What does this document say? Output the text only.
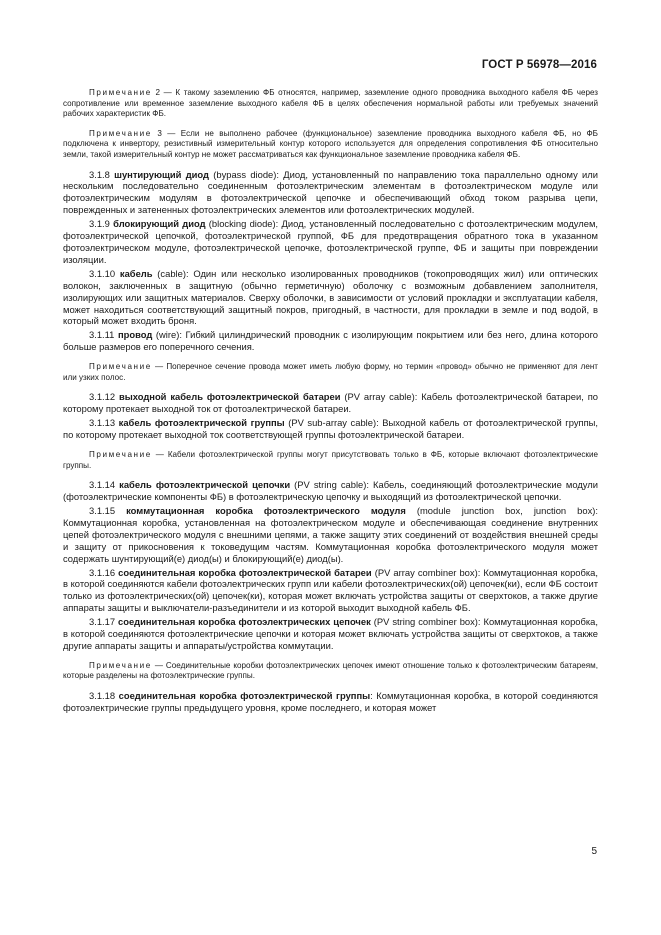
ГОСТ Р 56978—2016

Примечание 2 — К такому заземлению ФБ относятся, например, заземление одного проводника выходного кабеля ФБ через сопротивление или временное заземление выходного кабеля ФБ в целях обеспечения нормальной работы или требуемых значений рабочих характеристик ФБ.

Примечание 3 — Если не выполнено рабочее (функциональное) заземление проводника выходного кабеля ФБ, но ФБ подключена к инвертору, резистивный измерительный контур которого используется для определения сопротивления ФБ относительно земли, такой измерительный контур не может рассматриваться как функциональное заземление проводника кабеля ФБ.

3.1.8 шунтирующий диод (bypass diode): Диод, установленный по направлению тока параллельно одному или нескольким последовательно соединенным фотоэлектрическим элементам в фотоэлектрическом модуле или фотоэлектрическим модулям в фотоэлектрической цепочке и обеспечивающий обход током разрыва цепи, поврежденных и затененных фотоэлектрических элементов или фотоэлектрических модулей.

3.1.9 блокирующий диод (blocking diode): Диод, установленный последовательно с фотоэлектрическим модулем, фотоэлектрической цепочкой, фотоэлектрической группой, ФБ для предотвращения обратного тока в указанном фотоэлектрическом модуле, фотоэлектрической цепочке, фотоэлектрической группе, ФБ и защиты при повреждении изоляции.

3.1.10 кабель (cable): Один или несколько изолированных проводников (токопроводящих жил) или оптических волокон, заключенных в защитную (обычно герметичную) оболочку с возможным добавлением заполнителя, изолирующих или защитных материалов. Сверху оболочки, в зависимости от условий прокладки и эксплуатации кабеля, может находиться соответствующий защитный покров, пригодный, в частности, для прокладки в земле и под водой, в который может входить броня.

3.1.11 провод (wire): Гибкий цилиндрический проводник с изолирующим покрытием или без него, длина которого больше размеров его поперечного сечения.

Примечание — Поперечное сечение провода может иметь любую форму, но термин «провод» обычно не применяют для лент или узких полос.

3.1.12 выходной кабель фотоэлектрической батареи (PV array cable): Кабель фотоэлектрической батареи, по которому протекает выходной ток от фотоэлектрической батареи.

3.1.13 кабель фотоэлектрической группы (PV sub-array cable): Выходной кабель от фотоэлектрической группы, по которому протекает выходной ток соответствующей группы фотоэлектрической батареи.

Примечание — Кабели фотоэлектрической группы могут присутствовать только в ФБ, которые включают фотоэлектрические группы.

3.1.14 кабель фотоэлектрической цепочки (PV string cable): Кабель, соединяющий фотоэлектрические модули (фотоэлектрические компоненты ФБ) в фотоэлектрическую цепочку и выходящий из фотоэлектрической цепочки.

3.1.15 коммутационная коробка фотоэлектрического модуля (module junction box, junction box): Коммутационная коробка, установленная на фотоэлектрическом модуле и обеспечивающая соединение внутренних цепей фотоэлектрического модуля с внешними цепями, а также защиту этих соединений от воздействия внешней среды и защиту от прикосновения к токоведущим частям. Коммутационная коробка фотоэлектрического модуля может содержать шунтирующий(е) диод(ы) и блокирующий(е) диод(ы).

3.1.16 соединительная коробка фотоэлектрической батареи (PV array combiner box): Коммутационная коробка, в которой соединяются кабели фотоэлектрических групп или кабели фотоэлектрических(ой) цепочек(ки), если ФБ состоит только из фотоэлектрических(ой) цепочек(ки), которая может включать устройства защиты от сверхтоков, а также другие аппараты защиты и выключатели-разъединители и из которой выходит выходной кабель ФБ.

3.1.17 соединительная коробка фотоэлектрических цепочек (PV string combiner box): Коммутационная коробка, в которой соединяются фотоэлектрические цепочки и которая может включать устройства защиты от сверхтоков, а также другие аппараты защиты и аппараты/устройства коммутации.

Примечание — Соединительные коробки фотоэлектрических цепочек имеют отношение только к фотоэлектрическим батареям, которые разделены на фотоэлектрические группы.

3.1.18 соединительная коробка фотоэлектрической группы: Коммутационная коробка, в которой соединяются фотоэлектрические группы предыдущего уровня, кроме последнего, и которая может

5
